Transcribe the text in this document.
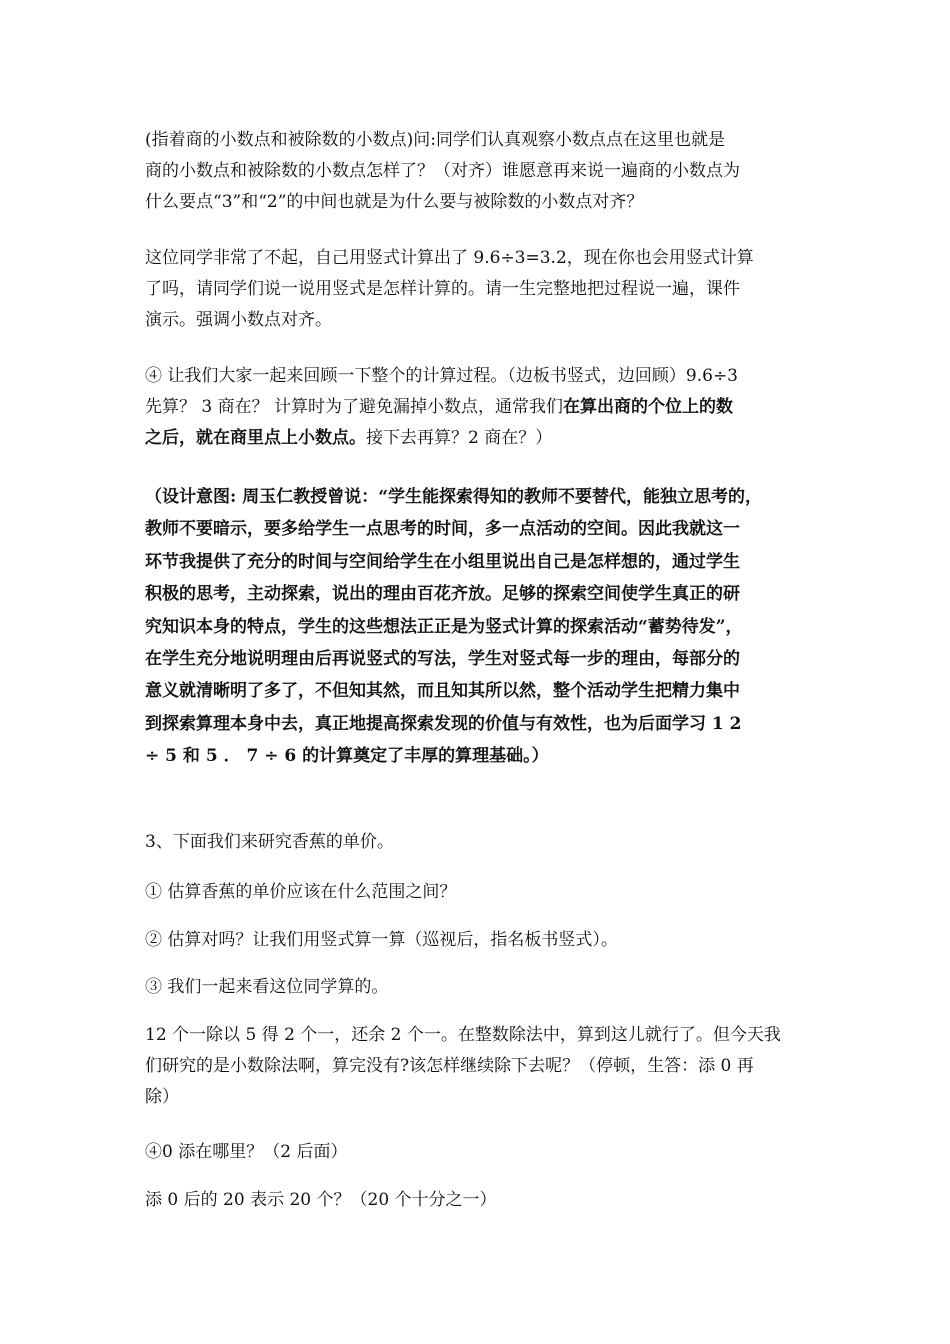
(指着商的小数点和被除数的小数点)问:同学们认真观察小数点点在这里也就是
商的小数点和被除数的小数点怎样了？（对齐）谁愿意再来说一遍商的小数点为
什么要点“3”和“2”的中间也就是为什么要与被除数的小数点对齐？

这位同学非常了不起，自己用竖式计算出了 9.6÷3=3.2，现在你也会用竖式计算
了吗，请同学们说一说用竖式是怎样计算的。请一生完整地把过程说一遍，课件
演示。强调小数点对齐。

④ 让我们大家一起来回顾一下整个的计算过程。（边板书竖式，边回顾）9.6÷3
先算？ 3 商在？ 计算时为了避免漏掉小数点，通常我们在算出商的个位上的数
之后，就在商里点上小数点。接下去再算？2 商在？）

（设计意图: 周玉仁教授曾说：“学生能探索得知的教师不要替代，能独立思考的，
教师不要暗示，要多给学生一点思考的时间，多一点活动的空间。因此我就这一
环节我提供了充分的时间与空间给学生在小组里说出自己是怎样想的，通过学生
积极的思考，主动探索，说出的理由百花齐放。足够的探索空间使学生真正的研
究知识本身的特点，学生的这些想法正正是为竖式计算的探索活动“蓄势待发”，
在学生充分地说明理由后再说竖式的写法，学生对竖式每一步的理由，每部分的
意义就清晰明了多了，不但知其然，而且知其所以然，整个活动学生把精力集中
到探索算理本身中去，真正地提高探索发现的价值与有效性，也为后面学习 1 2
÷ 5 和 5 ． 7 ÷ 6 的计算奠定了丰厚的算理基础。）

3、下面我们来研究香蕉的单价。

① 估算香蕉的单价应该在什么范围之间？

② 估算对吗？让我们用竖式算一算（巡视后，指名板书竖式）。

③ 我们一起来看这位同学算的。

12 个一除以 5 得 2 个一，还余 2 个一。在整数除法中，算到这儿就行了。但今天我
们研究的是小数除法啊，算完没有?该怎样继续除下去呢？（停顿，生答：添 0 再
除）

④0 添在哪里？（2 后面）

添 0 后的 20 表示 20 个？（20 个十分之一）
